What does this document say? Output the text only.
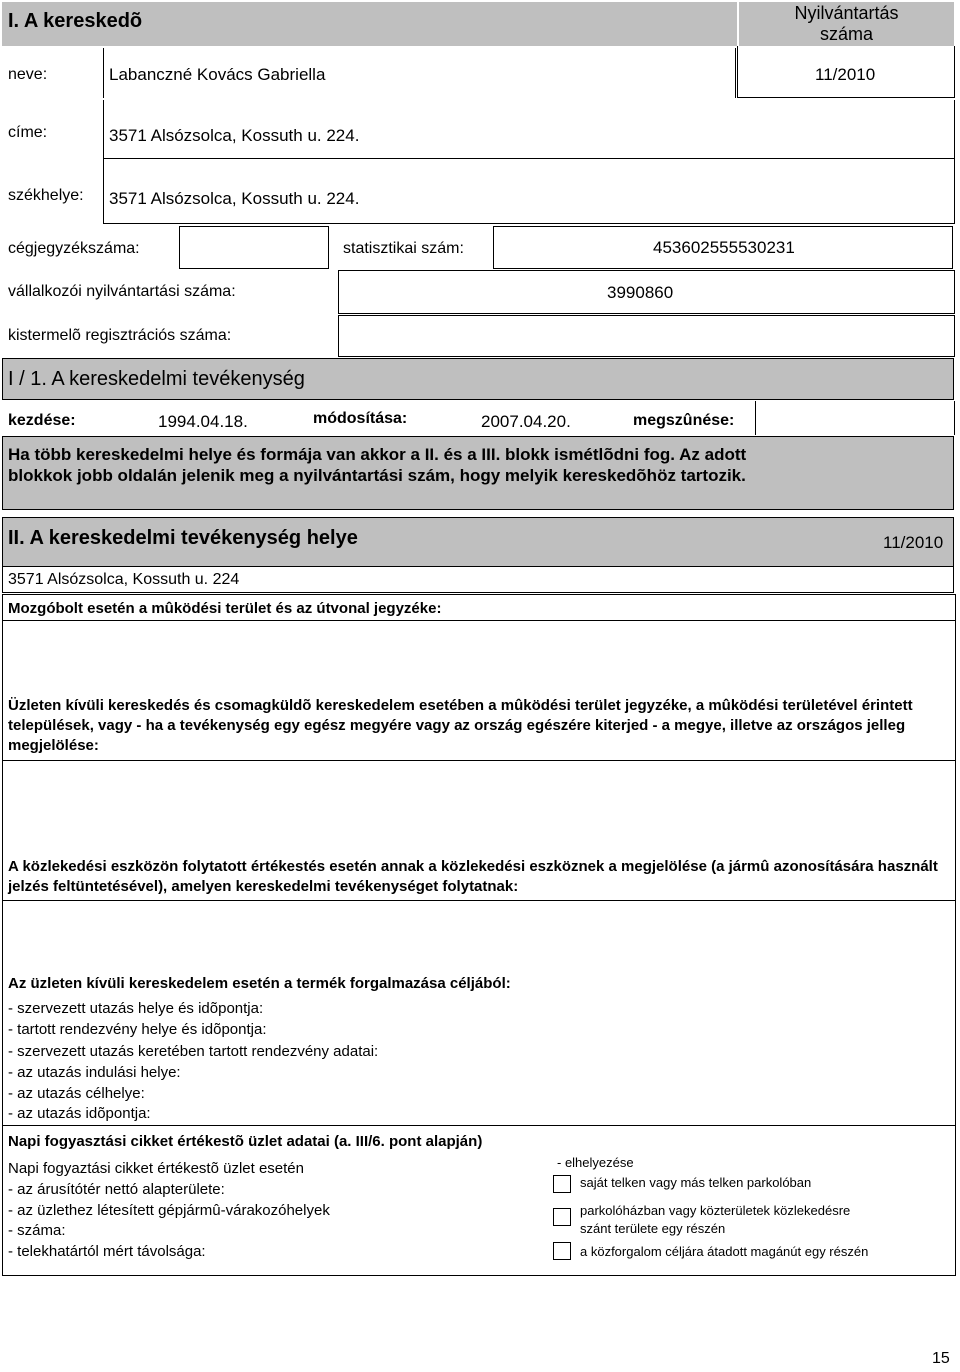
I. A kereskedõ	Nyilvántartás
száma
neve:	Labanczné Kovács Gabriella	11/2010
címe:	3571 Alsózsolca, Kossuth u. 224.
székhelye: 3571 Alsózsolca, Kossuth u. 224.
cégjegyzékszáma:	statisztikai szám:	453602555530231
vállalkozói nyilvántartási száma:	3990860
kistermelõ regisztrációs száma:
I / 1. A kereskedelmi tevékenység
kezdése:	1994.04.18.	módosítása:	2007.04.20.	megszûnése:
Ha több kereskedelmi helye és formája van akkor a II. és a III. blokk ismétlõdni fog. Az adott blokkok jobb oldalán jelenik meg a nyilvántartási szám, hogy melyik kereskedõhöz tartozik.
II. A kereskedelmi tevékenység helye	11/2010
3571 Alsózsolca, Kossuth u. 224
Mozgóbolt esetén a mûködési terület és az útvonal jegyzéke:
Üzleten kívüli kereskedés és csomagküldõ kereskedelem esetében a mûködési terület jegyzéke, a mûködési területével érintett települések, vagy - ha a tevékenység egy egész megyére vagy az ország egészére kiterjed - a megye, illetve az országos jelleg megjelölése:
A közlekedési eszközön folytatott értékestés esetén annak a közlekedési eszköznek a megjelölése (a jármû azonosítására használt jelzés feltüntetésével), amelyen kereskedelmi tevékenységet folytatnak:
Az üzleten kívüli kereskedelem esetén a termék forgalmazása céljából:
- szervezett utazás helye és idõpontja:
- tartott rendezvény helye és idõpontja:
- szervezett utazás keretében tartott rendezvény adatai:
- az utazás indulási helye:
- az utazás célhelye:
- az utazás idõpontja:
Napi fogyasztási cikket értékestõ üzlet adatai (a. III/6. pont alapján)
Napi fogyaztási cikket értékestõ üzlet esetén
- az árusítótér nettó alapterülete:
- az üzlethez létesített gépjármû-várakozóhelyek
- száma:
- telekhatártól mért távolsága:
- elhelyezése
saját telken vagy más telken parkolóban
parkolóházban vagy közterületek közlekedésre
szánt területe egy részén
a közforgalom céljára átadott magánút egy részén
15
